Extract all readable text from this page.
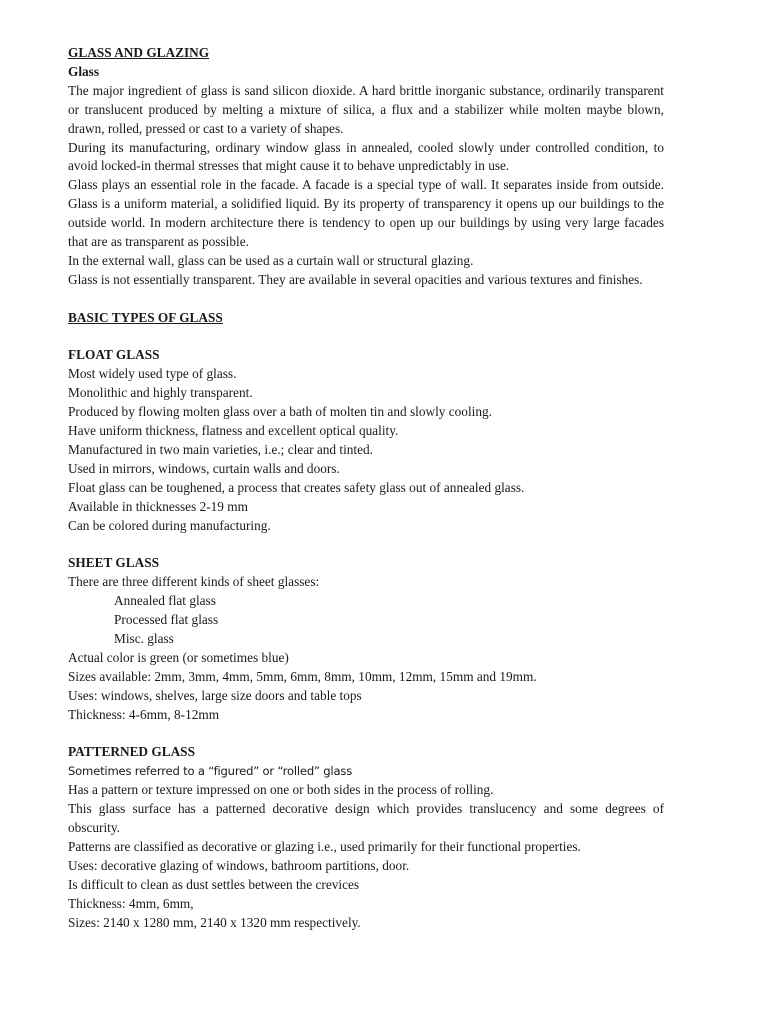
GLASS AND GLAZING

Glass

The major ingredient of glass is sand silicon dioxide. A hard brittle inorganic substance, ordinarily transparent or translucent produced by melting a mixture of silica, a flux and a stabilizer while molten maybe blown, drawn, rolled, pressed or cast to a variety of shapes.

During its manufacturing, ordinary window glass in annealed, cooled slowly under controlled condition, to avoid locked-in thermal stresses that might cause it to behave unpredictably in use.

Glass plays an essential role in the facade. A facade is a special type of wall. It separates inside from outside. Glass is a uniform material, a solidified liquid. By its property of transparency it opens up our buildings to the outside world. In modern architecture there is tendency to open up our buildings by using very large facades that are as transparent as possible.

In the external wall, glass can be used as a curtain wall or structural glazing.

Glass is not essentially transparent. They are available in several opacities and various textures and finishes.

BASIC TYPES OF GLASS

FLOAT GLASS

Most widely used type of glass.

Monolithic and highly transparent.

Produced by flowing molten glass over a bath of molten tin and slowly cooling.

Have uniform thickness, flatness and excellent optical quality.

Manufactured in two main varieties, i.e.; clear and tinted.

Used in mirrors, windows, curtain walls and doors.

Float glass can be toughened, a process that creates safety glass out of annealed glass.

Available in thicknesses 2-19 mm

Can be colored during manufacturing.

SHEET GLASS

There are three different kinds of sheet glasses:

Annealed flat glass

Processed flat glass

Misc. glass

Actual color is green (or sometimes blue)

Sizes available: 2mm, 3mm, 4mm, 5mm, 6mm, 8mm, 10mm, 12mm, 15mm and 19mm.

Uses: windows, shelves, large size doors and table tops

Thickness: 4-6mm, 8-12mm

PATTERNED GLASS

Sometimes referred to a “figured” or “rolled” glass

Has a pattern or texture impressed on one or both sides in the process of rolling.

This glass surface has a patterned decorative design which provides translucency and some degrees of obscurity.

Patterns are classified as decorative or glazing i.e., used primarily for their functional properties.

Uses: decorative glazing of windows, bathroom partitions, door.

Is difficult to clean as dust settles between the crevices

Thickness: 4mm, 6mm,

Sizes: 2140 x 1280 mm, 2140 x 1320 mm respectively.
